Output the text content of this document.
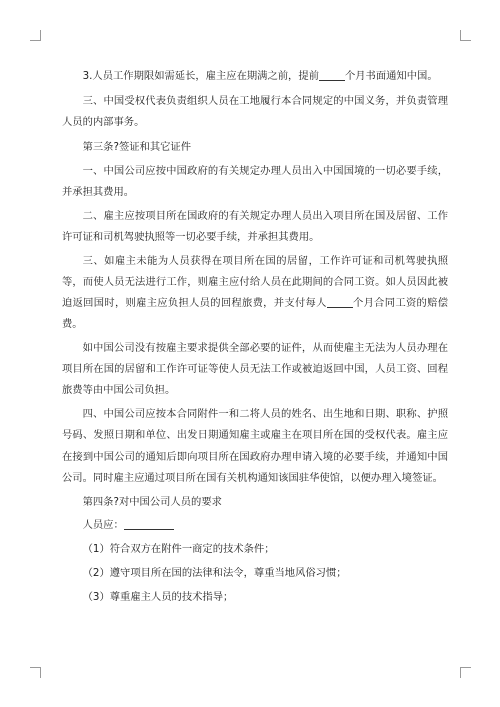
3.人员工作期限如需延长，雇主应在期满之前，提前	个月书面通知中国。

三、中国受权代表负责组织人员在工地履行本合同规定的中国义务，并负责管理人员的内部事务。

第三条?签证和其它证件

一、中国公司应按中国政府的有关规定办理人员出入中国国境的一切必要手续，并承担其费用。

二、雇主应按项目所在国政府的有关规定办理人员出入项目所在国及居留、工作许可证和司机驾驶执照等一切必要手续，并承担其费用。

三、如雇主未能为人员获得在项目所在国的居留，工作许可证和司机驾驶执照等，而使人员无法进行工作，则雇主应付给人员在此期间的合同工资。如人员因此被迫返回国时，则雇主应负担人员的回程旅费，并支付每人	个月合同工资的赔偿费。

如中国公司没有按雇主要求提供全部必要的证件，从而使雇主无法为人员办理在项目所在国的居留和工作许可证等使人员无法工作或被迫返回中国，人员工资、回程旅费等由中国公司负担。

四、中国公司应按本合同附件一和二将人员的姓名、出生地和日期、职称、护照号码、发照日期和单位、出发日期通知雇主或雇主在项目所在国的受权代表。雇主应在接到中国公司的通知后即向项目所在国政府办理申请入境的必要手续，并通知中国公司。同时雇主应通过项目所在国有关机构通知该国驻华使馆，以便办理入境签证。

第四条?对中国公司人员的要求

人员应：

（1）符合双方在附件一商定的技术条件；

（2）遵守项目所在国的法律和法令，尊重当地风俗习惯；

（3）尊重雇主人员的技术指导；
